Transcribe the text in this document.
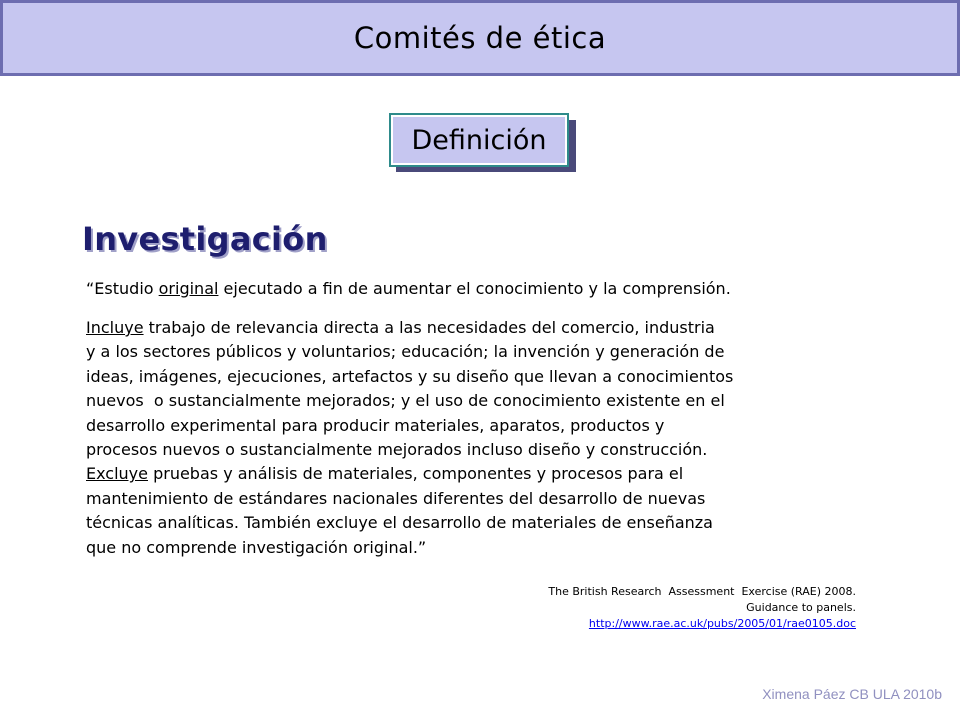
Comités de ética
Definición
Investigación
“Estudio original ejecutado a fin de aumentar el conocimiento y la comprensión.
Incluye trabajo de relevancia directa a las necesidades del comercio, industria
y a los sectores públicos y voluntarios; educación; la invención y generación de
ideas, imágenes, ejecuciones, artefactos y su diseño que llevan a conocimientos
nuevos  o sustancialmente mejorados; y el uso de conocimiento existente en el
desarrollo experimental para producir materiales, aparatos, productos y
procesos nuevos o sustancialmente mejorados incluso diseño y construcción.
Excluye pruebas y análisis de materiales, componentes y procesos para el
mantenimiento de estándares nacionales diferentes del desarrollo de nuevas
técnicas analíticas. También excluye el desarrollo de materiales de enseñanza
que no comprende investigación original.”
The British Research  Assessment  Exercise (RAE) 2008.
Guidance to panels.
http://www.rae.ac.uk/pubs/2005/01/rae0105.doc
Ximena Páez CB ULA 2010b
